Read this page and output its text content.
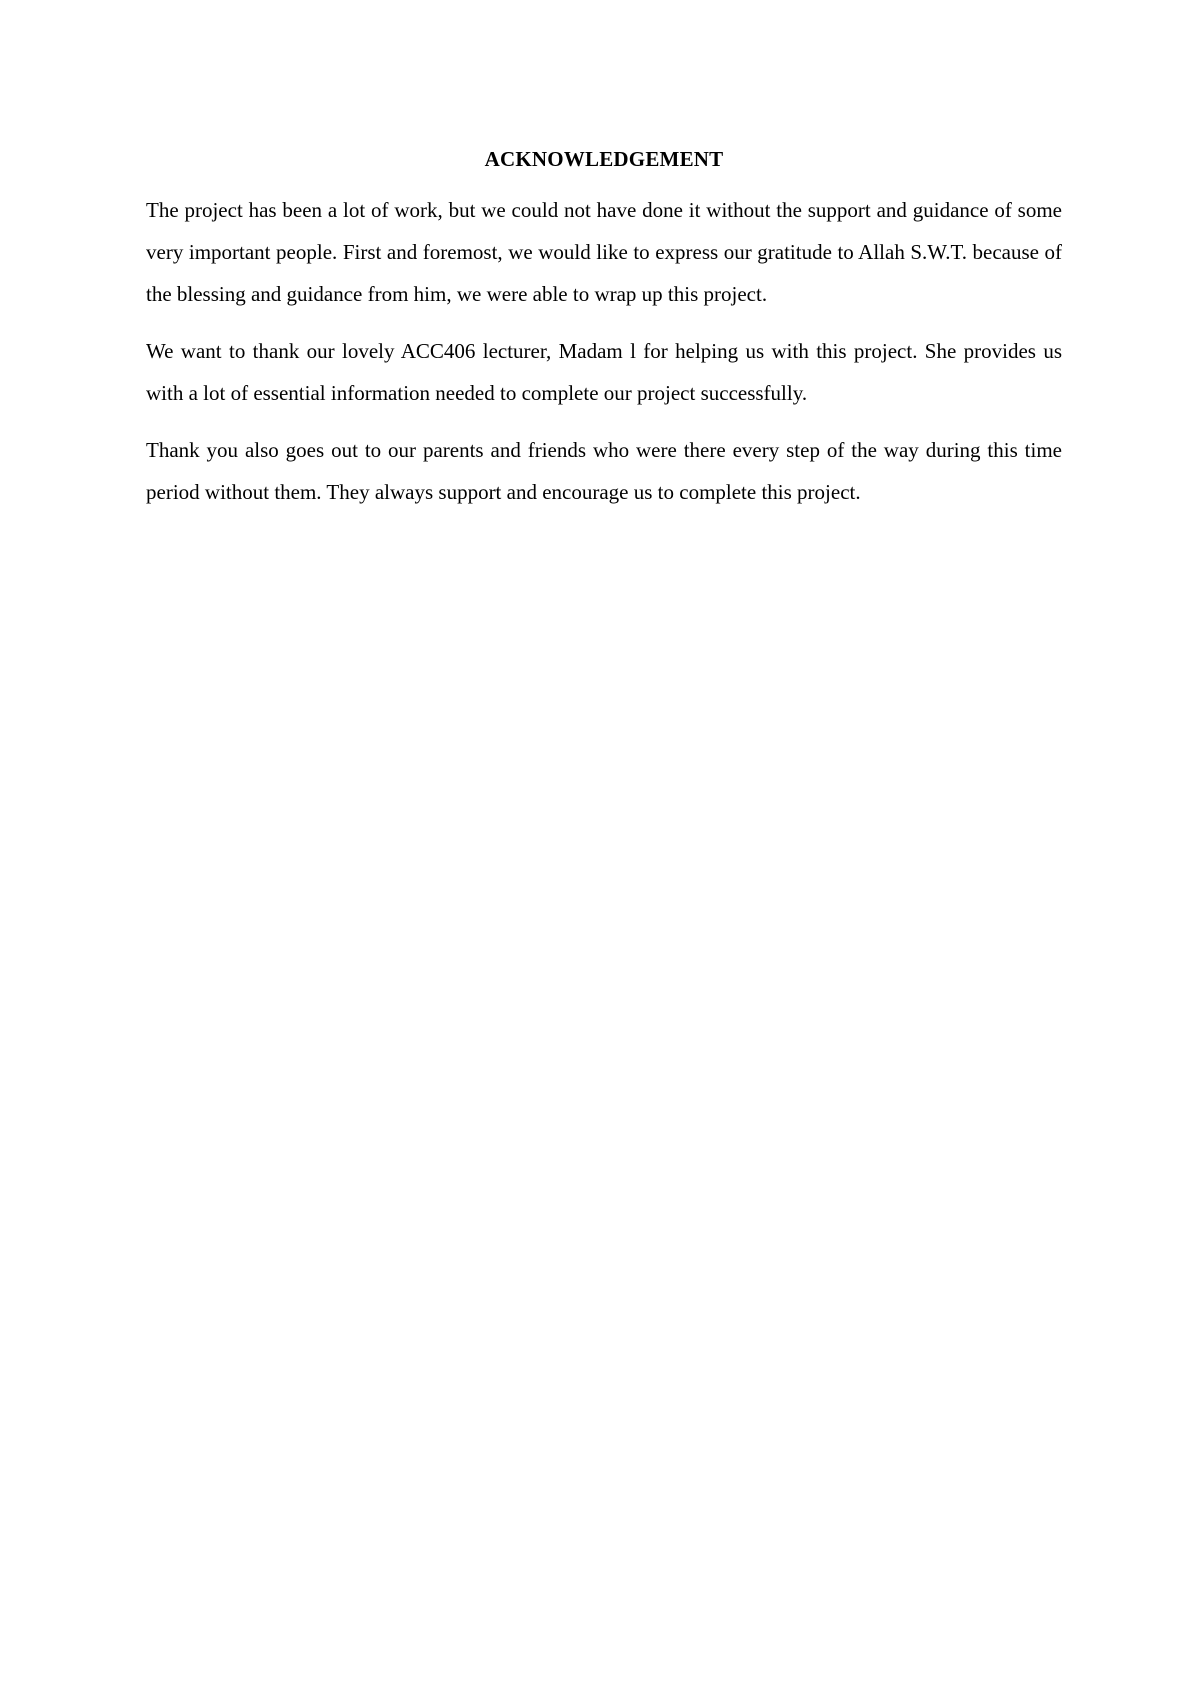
ACKNOWLEDGEMENT

The project has been a lot of work, but we could not have done it without the support and guidance of some very important people. First and foremost, we would like to express our gratitude to Allah S.W.T. because of the blessing and guidance from him, we were able to wrap up this project.

We want to thank our lovely ACC406 lecturer, Madam l for helping us with this project. She provides us with a lot of essential information needed to complete our project successfully.

Thank you also goes out to our parents and friends who were there every step of the way during this time period without them. They always support and encourage us to complete this project.
